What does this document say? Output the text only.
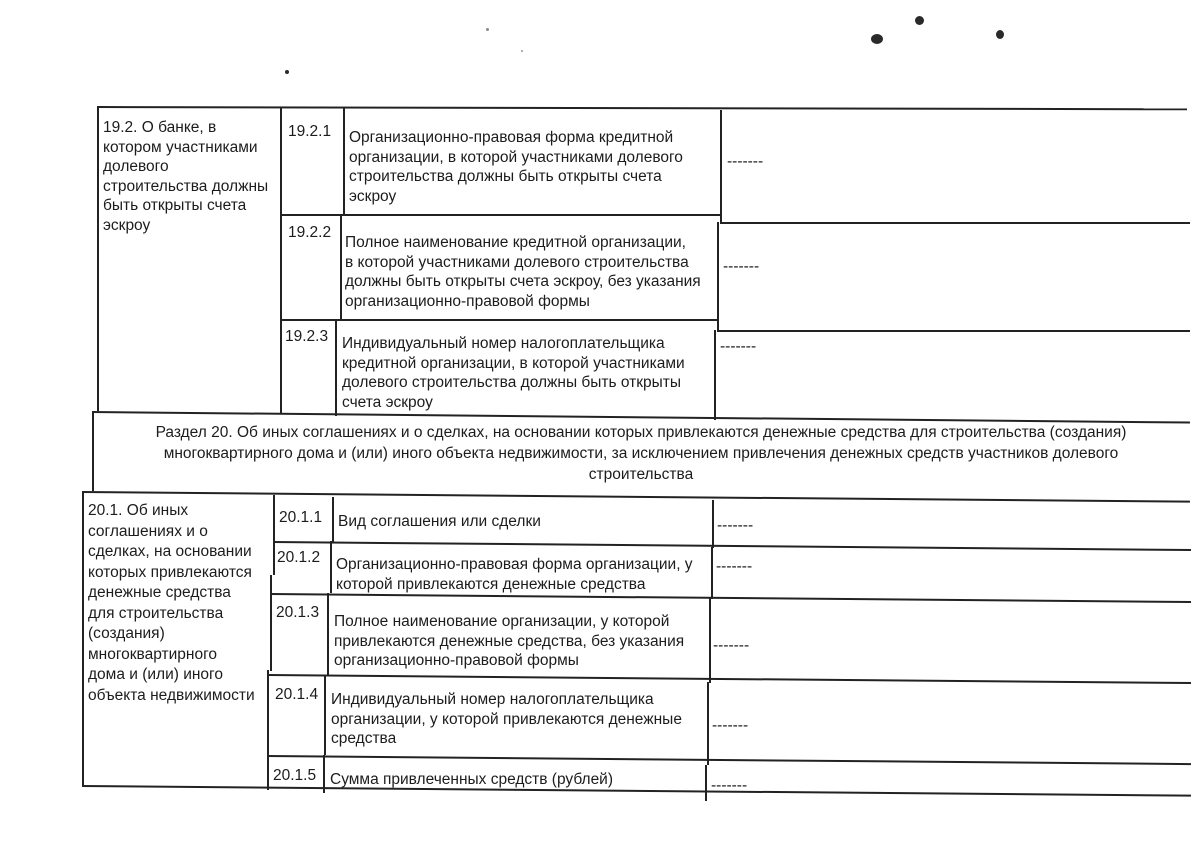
19.2. О банке, в
котором участниками
долевого
строительства должны
быть открыты счета
эскроу
19.2.1 Организационно-правовая форма кредитной
организации, в которой участниками долевого
строительства должны быть открыты счета
эскроу
-------
19.2.2
Полное наименование кредитной организации,
в которой участниками долевого строительства
должны быть открыты счета эскроу, без указания
организационно-правовой формы
-------
19.2.3 Индивидуальный номер налогоплательщика
кредитной организации, в которой участниками
долевого строительства должны быть открыты
счета эскроу
-------
Раздел 20. Об иных соглашениях и о сделках, на основании которых привлекаются денежные средства для строительства (создания)
многоквартирного дома и (или) иного объекта недвижимости, за исключением привлечения денежных средств участников долевого
строительства
20.1. Об иных
соглашениях и о
сделках, на основании
которых привлекаются
денежные средства
для строительства
(создания)
многоквартирного
дома и (или) иного
объекта недвижимости
20.1.1 Вид соглашения или сделки	-------
20.1.2 Организационно-правовая форма организации, у
которой привлекаются денежные средства
-------
20.1.3
Полное наименование организации, у которой
привлекаются денежные средства, без указания
организационно-правовой формы
-------
20.1.4 Индивидуальный номер налогоплательщика
организации, у которой привлекаются денежные
средства
-------
20.1.5 Сумма привлеченных средств (рублей)	-------
